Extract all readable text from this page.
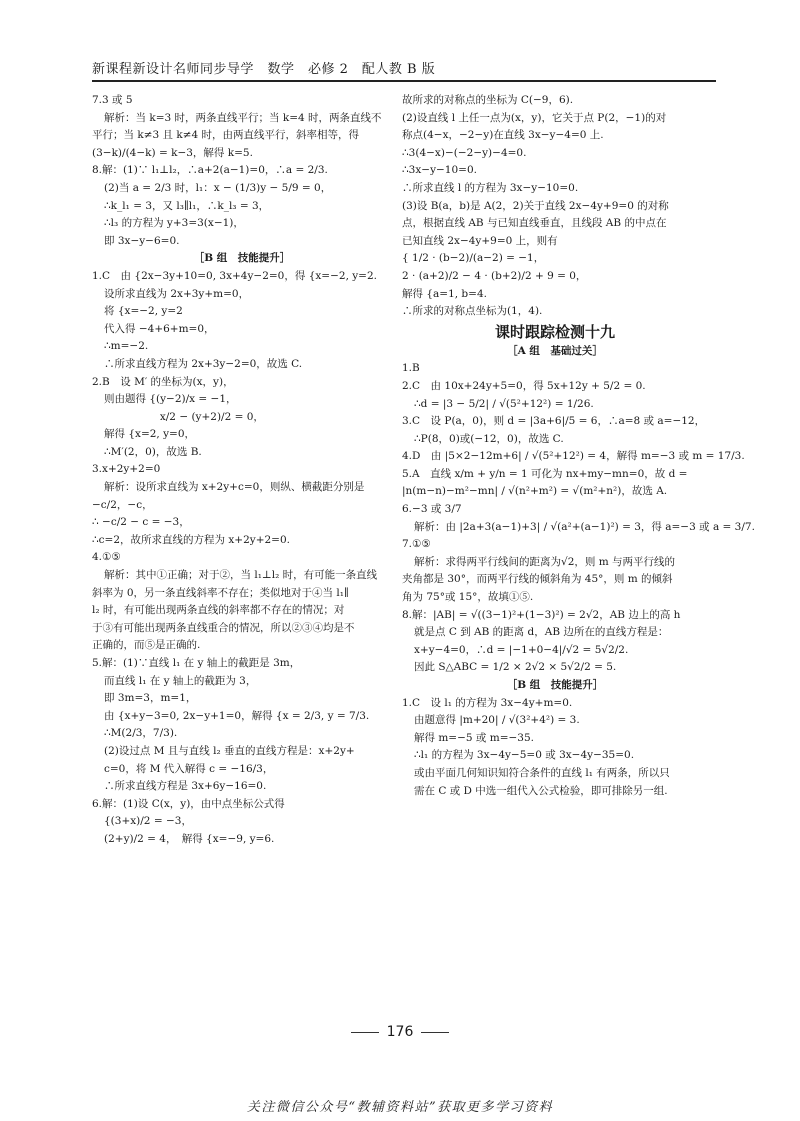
新课程新设计名师同步导学　数学　必修 2　配人教 B 版

7.3 或 5

解析：当 k=3 时，两条直线平行；当 k=4 时，两条直线不

平行；当 k≠3 且 k≠4 时，由两直线平行，斜率相等，得

(3−k)/(4−k) = k−3，解得 k=5.

8.解：(1)∵ l₁⊥l₂，∴a+2(a−1)=0，∴a = 2/3.

(2)当 a = 2/3 时，l₁：x − (1/3)y − 5/9 = 0，

∴k_l₁ = 3，又 l₃∥l₁，∴k_l₃ = 3，

∴l₃ 的方程为 y+3=3(x−1)，

即 3x−y−6=0.

［B 组　技能提升］

1.C　由 {2x−3y+10=0, 3x+4y−2=0，得 {x=−2, y=2.

设所求直线为 2x+3y+m=0，

将 {x=−2, y=2

代入得 −4+6+m=0，

∴m=−2.

∴所求直线方程为 2x+3y−2=0，故选 C.

2.B　设 M′ 的坐标为(x，y)，

则由题得 {(y−2)/x = −1，

　　　　　 x/2 − (y+2)/2 = 0，

解得 {x=2, y=0，

∴M′(2，0)，故选 B.

3.x+2y+2=0

解析：设所求直线为 x+2y+c=0，则纵、横截距分别是

−c/2，−c，

∴ −c/2 − c = −3，

∴c=2，故所求直线的方程为 x+2y+2=0.

4.①⑤

解析：其中①正确；对于②，当 l₁⊥l₂ 时，有可能一条直线

斜率为 0，另一条直线斜率不存在；类似地对于④当 l₁∥

l₂ 时，有可能出现两条直线的斜率都不存在的情况；对

于③有可能出现两条直线重合的情况，所以②③④均是不

正确的，而⑤是正确的.

5.解：(1)∵直线 l₁ 在 y 轴上的截距是 3m，

而直线 l₁ 在 y 轴上的截距为 3，

即 3m=3，m=1，

由 {x+y−3=0, 2x−y+1=0，解得 {x = 2/3, y = 7/3.

∴M(2/3，7/3).

(2)设过点 M 且与直线 l₂ 垂直的直线方程是：x+2y+

c=0，将 M 代入解得 c = −16/3，

∴所求直线方程是 3x+6y−16=0.

6.解：(1)设 C(x，y)，由中点坐标公式得

{(3+x)/2 = −3，

(2+y)/2 = 4，　解得 {x=−9, y=6.

故所求的对称点的坐标为 C(−9，6).

(2)设直线 l 上任一点为(x，y)，它关于点 P(2，−1)的对

称点(4−x，−2−y)在直线 3x−y−4=0 上.

∴3(4−x)−(−2−y)−4=0.

∴3x−y−10=0.

∴所求直线 l 的方程为 3x−y−10=0.

(3)设 B(a，b)是 A(2，2)关于直线 2x−4y+9=0 的对称

点，根据直线 AB 与已知直线垂直，且线段 AB 的中点在

已知直线 2x−4y+9=0 上，则有

{ 1/2 · (b−2)/(a−2) = −1，

2 · (a+2)/2 − 4 · (b+2)/2 + 9 = 0，

解得 {a=1, b=4.

∴所求的对称点坐标为(1，4).

课时跟踪检测十九

［A 组　基础过关］

1.B

2.C　由 10x+24y+5=0，得 5x+12y + 5/2 = 0.

∴d = |3 − 5/2| / √(5²+12²) = 1/26.

3.C　设 P(a，0)，则 d = |3a+6|/5 = 6，∴a=8 或 a=−12，

∴P(8，0)或(−12，0)，故选 C.

4.D　由 |5×2−12m+6| / √(5²+12²) = 4，解得 m=−3 或 m = 17/3.

5.A　直线 x/m + y/n = 1 可化为 nx+my−mn=0，故 d =

|n(m−n)−m²−mn| / √(n²+m²) = √(m²+n²)，故选 A.

6.−3 或 3/7

解析：由 |2a+3(a−1)+3| / √(a²+(a−1)²) = 3，得 a=−3 或 a = 3/7.

7.①⑤

解析：求得两平行线间的距离为√2，则 m 与两平行线的

夹角都是 30°，而两平行线的倾斜角为 45°，则 m 的倾斜

角为 75°或 15°，故填①⑤.

8.解：|AB| = √((3−1)²+(1−3)²) = 2√2，AB 边上的高 h

就是点 C 到 AB 的距离 d，AB 边所在的直线方程是：

x+y−4=0，∴d = |−1+0−4|/√2 = 5√2/2.

因此 S△ABC = 1/2 × 2√2 × 5√2/2 = 5.

［B 组　技能提升］

1.C　设 l₁ 的方程为 3x−4y+m=0.

由题意得 |m+20| / √(3²+4²) = 3.

解得 m=−5 或 m=−35.

∴l₁ 的方程为 3x−4y−5=0 或 3x−4y−35=0.

或由平面几何知识知符合条件的直线 l₁ 有两条，所以只

需在 C 或 D 中选一组代入公式检验，即可排除另一组.

176
关注微信公众号“教辅资料站”获取更多学习资料
